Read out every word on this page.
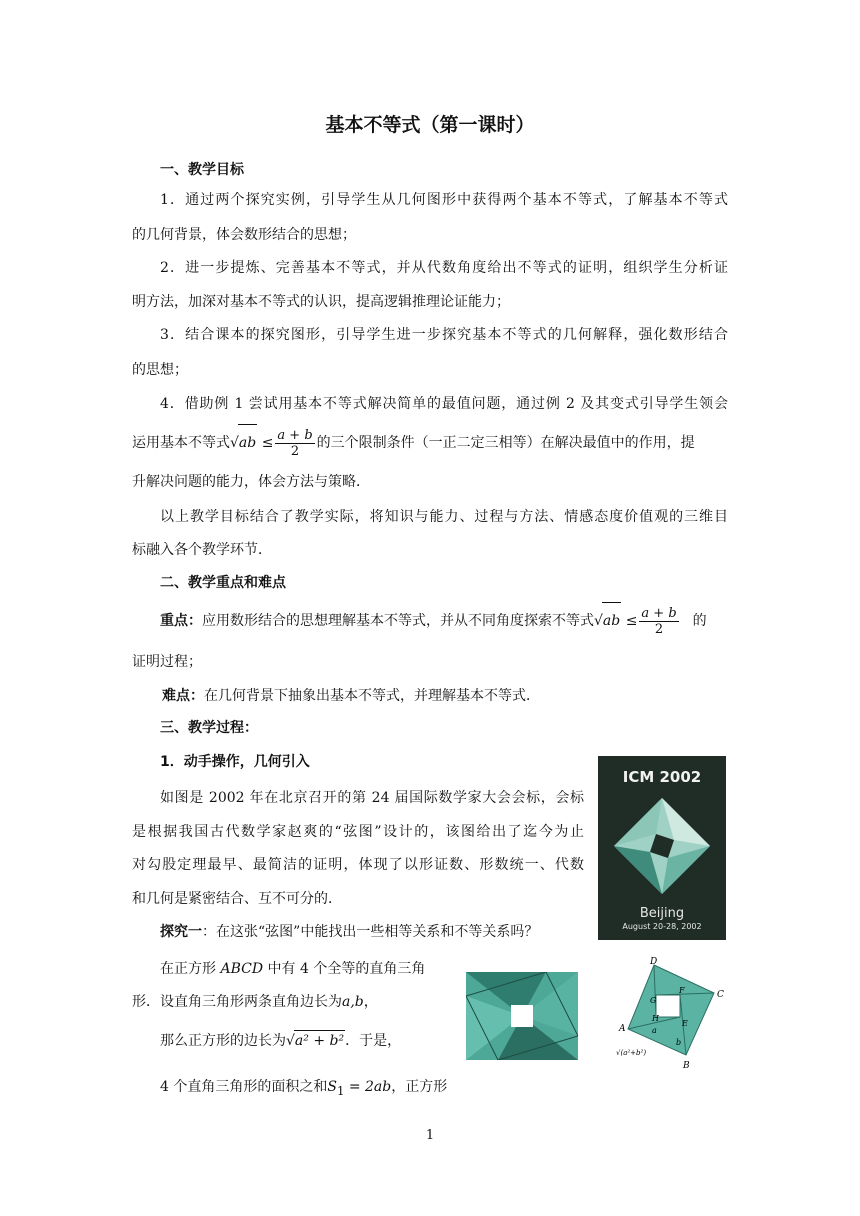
基本不等式（第一课时）
一、教学目标
1．通过两个探究实例，引导学生从几何图形中获得两个基本不等式，了解基本不等式
的几何背景，体会数形结合的思想；
2．进一步提炼、完善基本不等式，并从代数角度给出不等式的证明，组织学生分析证
明方法，加深对基本不等式的认识，提高逻辑推理论证能力；
3．结合课本的探究图形，引导学生进一步探究基本不等式的几何解释，强化数形结合
的思想；
4．借助例 1 尝试用基本不等式解决简单的最值问题，通过例 2 及其变式引导学生领会
运用基本不等式$√ab \le \frac{a + b}{2}$ 的三个限制条件（一正二定三相等）在解决最值中的作用，提
升解决问题的能力，体会方法与策略．
以上教学目标结合了教学实际，将知识与能力、过程与方法、情感态度价值观的三维目
标融入各个教学环节．
二、教学重点和难点
重点：应用数形结合的思想理解基本不等式，并从不同角度探索不等式$√ab \le \frac{a + b}{2}$ 的
证明过程；
难点：在几何背景下抽象出基本不等式，并理解基本不等式．
三、教学过程：
1．动手操作，几何引入
如图是 2002 年在北京召开的第 24 届国际数学家大会会标，会标
是根据我国古代数学家赵爽的“弦图”设计的，该图给出了迄今为止
对勾股定理最早、最简洁的证明，体现了以形证数、形数统一、代数
和几何是紧密结合、互不可分的．
探究一：在这张“弦图”中能找出一些相等关系和不等关系吗？
在正方形 ABCD 中有 4 个全等的直角三角
形．设直角三角形两条直角边长为a,b，
那么正方形的边长为√a² + b²．于是，
4 个直角三角形的面积之和$S_1 = 2ab$，正方形
ICM 2002
Beijing
August 20-28, 2002
D
C
A
B
G
F
H
E
a
b
√(a²+b²)
1
